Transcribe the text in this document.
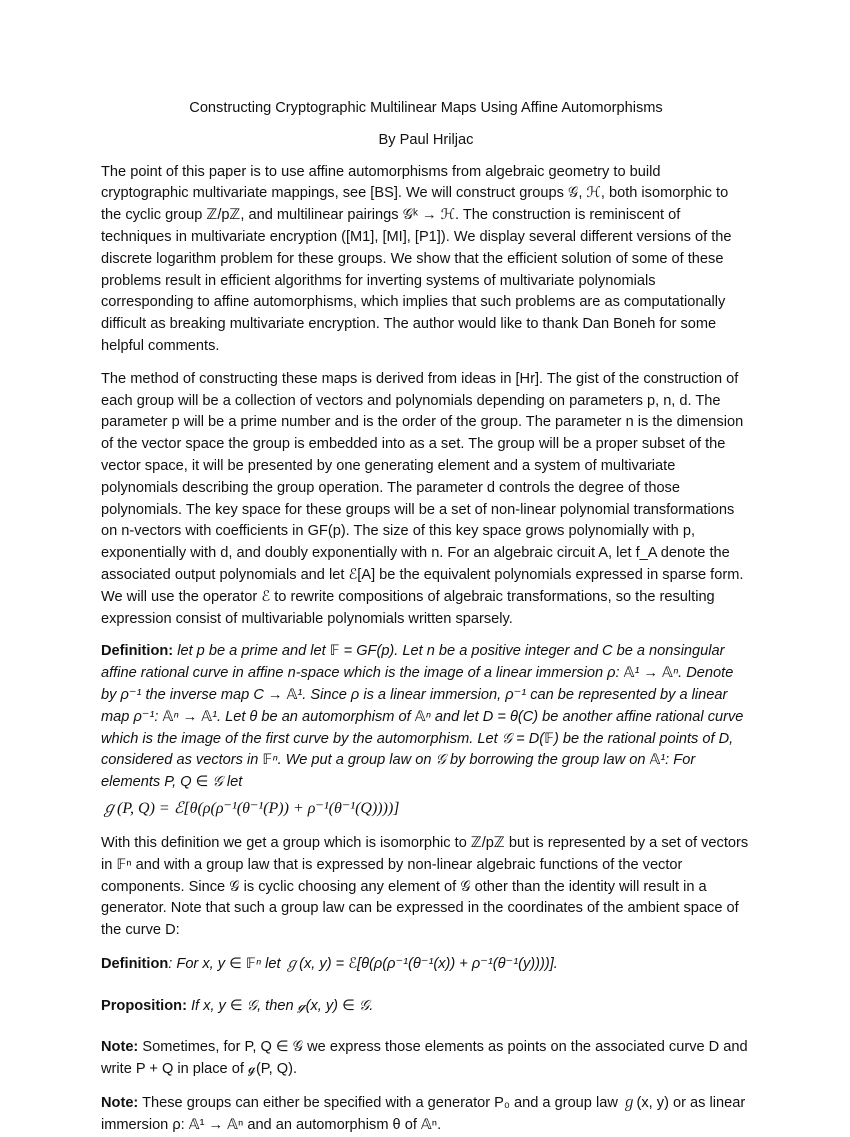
Constructing Cryptographic Multilinear Maps Using Affine Automorphisms

By Paul Hriljac

The point of this paper is to use affine automorphisms from algebraic geometry to build cryptographic multivariate mappings, see [BS]. We will construct groups 𝒢, ℋ, both isomorphic to the cyclic group ℤ/pℤ, and multilinear pairings 𝒢ᵏ → ℋ. The construction is reminiscent of techniques in multivariate encryption ([M1], [MI], [P1]). We display several different versions of the discrete logarithm problem for these groups. We show that the efficient solution of some of these problems result in efficient algorithms for inverting systems of multivariate polynomials corresponding to affine automorphisms, which implies that such problems are as computationally difficult as breaking multivariate encryption. The author would like to thank Dan Boneh for some helpful comments.

The method of constructing these maps is derived from ideas in [Hr]. The gist of the construction of each group will be a collection of vectors and polynomials depending on parameters p, n, d. The parameter p will be a prime number and is the order of the group. The parameter n is the dimension of the vector space the group is embedded into as a set. The group will be a proper subset of the vector space, it will be presented by one generating element and a system of multivariate polynomials describing the group operation. The parameter d controls the degree of those polynomials. The key space for these groups will be a set of non-linear polynomial transformations on n-vectors with coefficients in GF(p). The size of this key space grows polynomially with p, exponentially with d, and doubly exponentially with n. For an algebraic circuit A, let f_A denote the associated output polynomials and let ℰ[A] be the equivalent polynomials expressed in sparse form. We will use the operator ℰ to rewrite compositions of algebraic transformations, so the resulting expression consist of multivariable polynomials written sparsely.

Definition: let p be a prime and let 𝔽 = GF(p). Let n be a positive integer and C be a nonsingular affine rational curve in affine n-space which is the image of a linear immersion ρ: 𝔸¹ → 𝔸ⁿ. Denote by ρ⁻¹ the inverse map C → 𝔸¹. Since ρ is a linear immersion, ρ⁻¹ can be represented by a linear map ρ⁻¹: 𝔸ⁿ → 𝔸¹. Let θ be an automorphism of 𝔸ⁿ and let D = θ(C) be another affine rational curve which is the image of the first curve by the automorphism. Let 𝒢 = D(𝔽) be the rational points of D, considered as vectors in 𝔽ⁿ. We put a group law on 𝒢 by borrowing the group law on 𝔸¹: For elements P, Q ∈ 𝒢 let

ℊ(P, Q) = ℰ[θ(ρ(ρ⁻¹(θ⁻¹(P)) + ρ⁻¹(θ⁻¹(Q))))]

With this definition we get a group which is isomorphic to ℤ/pℤ but is represented by a set of vectors in 𝔽ⁿ and with a group law that is expressed by non-linear algebraic functions of the vector components. Since 𝒢 is cyclic choosing any element of 𝒢 other than the identity will result in a generator. Note that such a group law can be expressed in the coordinates of the ambient space of the curve D:

Definition: For x, y ∈ 𝔽ⁿ let ℊ(x, y) = ℰ[θ(ρ(ρ⁻¹(θ⁻¹(x)) + ρ⁻¹(θ⁻¹(y))))].

Proposition: If x, y ∈ 𝒢, then ℊ(x, y) ∈ 𝒢.

Note: Sometimes, for P, Q ∈ 𝒢 we express those elements as points on the associated curve D and write P + Q in place of ℊ(P, Q).

Note: These groups can either be specified with a generator P₀ and a group law ℊ(x, y) or as linear immersion ρ: 𝔸¹ → 𝔸ⁿ and an automorphism θ of 𝔸ⁿ.
